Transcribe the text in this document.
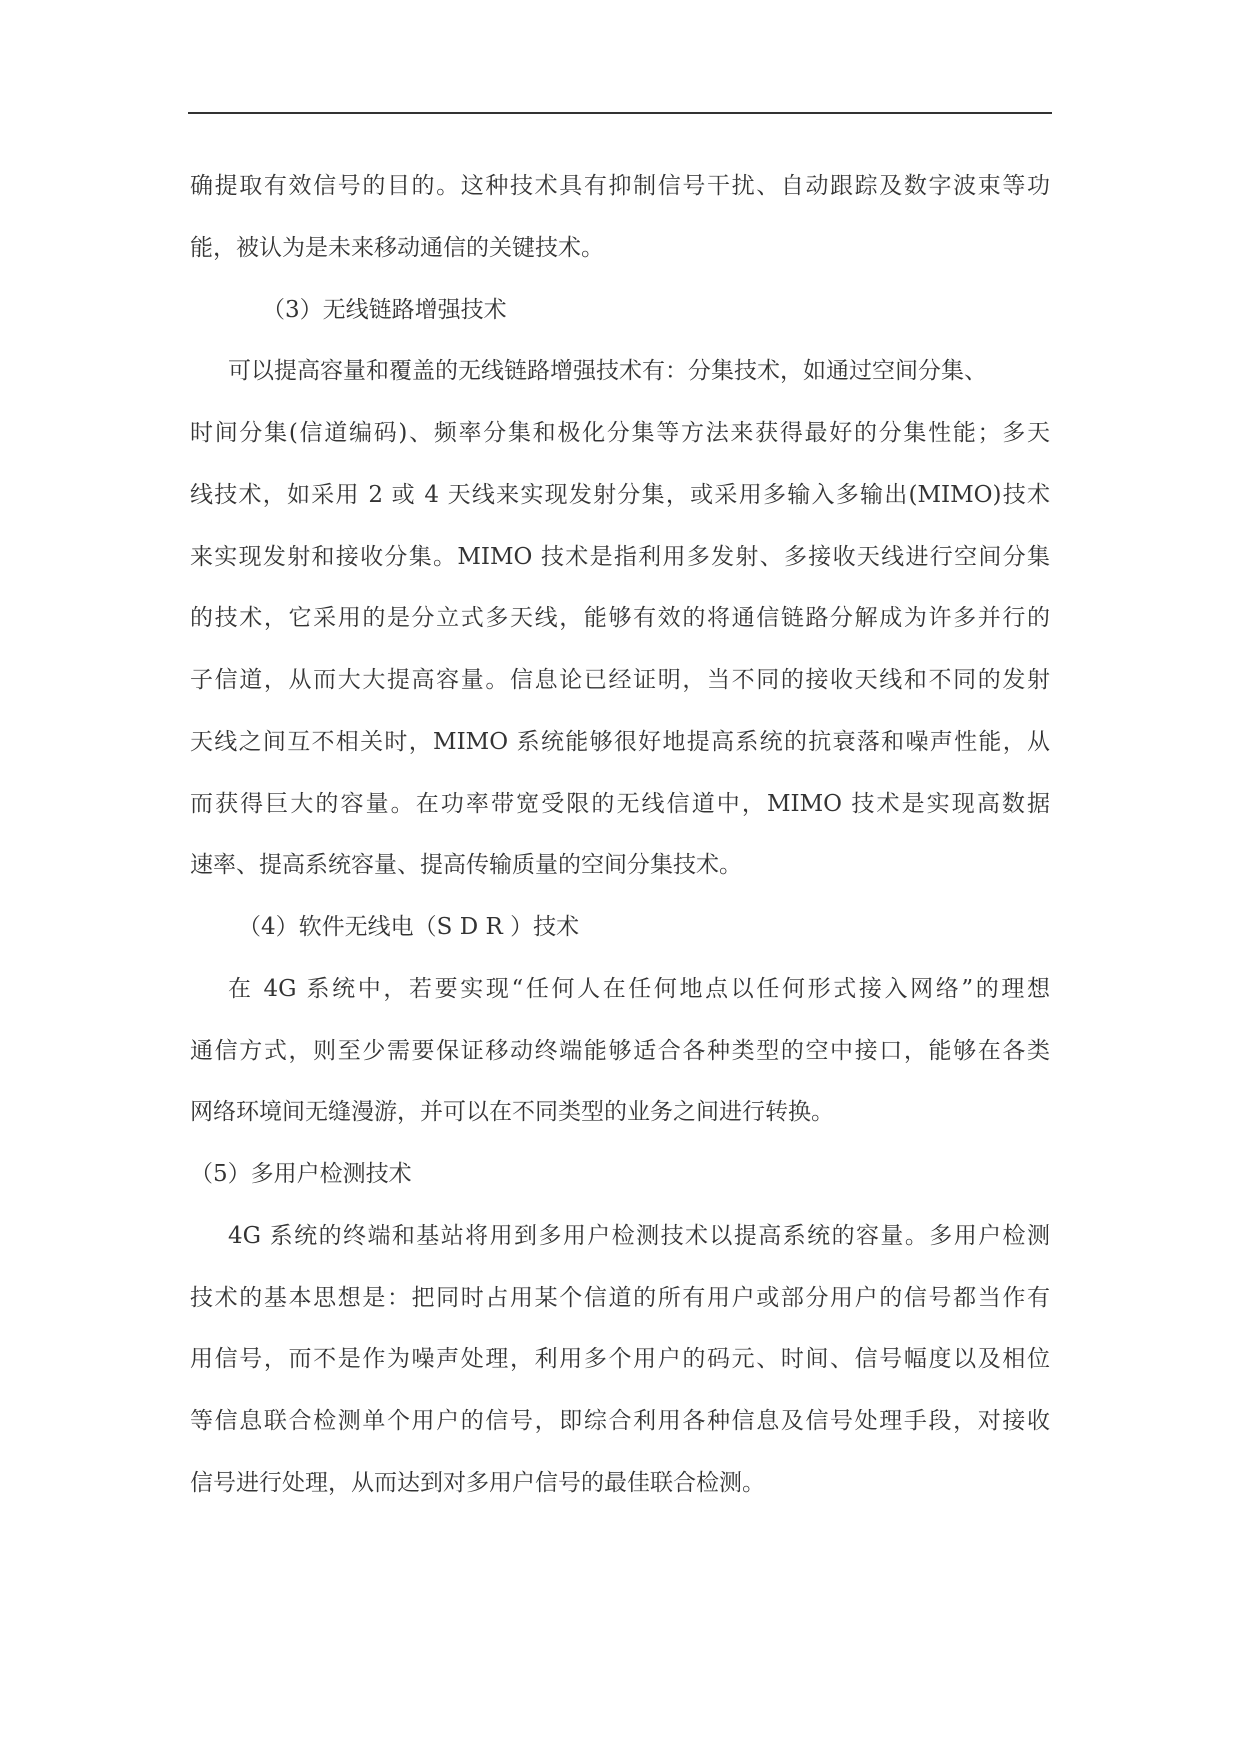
确提取有效信号的目的。这种技术具有抑制信号干扰、自动跟踪及数字波束等功
能，被认为是未来移动通信的关键技术。
（3）无线链路增强技术
可以提高容量和覆盖的无线链路增强技术有：分集技术，如通过空间分集、
时间分集(信道编码)、频率分集和极化分集等方法来获得最好的分集性能；多天
线技术，如采用 2 或 4 天线来实现发射分集，或采用多输入多输出(MIMO)技术
来实现发射和接收分集。MIMO 技术是指利用多发射、多接收天线进行空间分集
的技术，它采用的是分立式多天线，能够有效的将通信链路分解成为许多并行的
子信道，从而大大提高容量。信息论已经证明，当不同的接收天线和不同的发射
天线之间互不相关时，MIMO 系统能够很好地提高系统的抗衰落和噪声性能，从
而获得巨大的容量。在功率带宽受限的无线信道中，MIMO 技术是实现高数据
速率、提高系统容量、提高传输质量的空间分集技术。
（4）软件无线电（S D R ）技术
在 4G 系统中，若要实现“任何人在任何地点以任何形式接入网络”的理想
通信方式，则至少需要保证移动终端能够适合各种类型的空中接口，能够在各类
网络环境间无缝漫游，并可以在不同类型的业务之间进行转换。
（5）多用户检测技术
4G 系统的终端和基站将用到多用户检测技术以提高系统的容量。多用户检测
技术的基本思想是：把同时占用某个信道的所有用户或部分用户的信号都当作有
用信号，而不是作为噪声处理，利用多个用户的码元、时间、信号幅度以及相位
等信息联合检测单个用户的信号，即综合利用各种信息及信号处理手段，对接收
信号进行处理，从而达到对多用户信号的最佳联合检测。
